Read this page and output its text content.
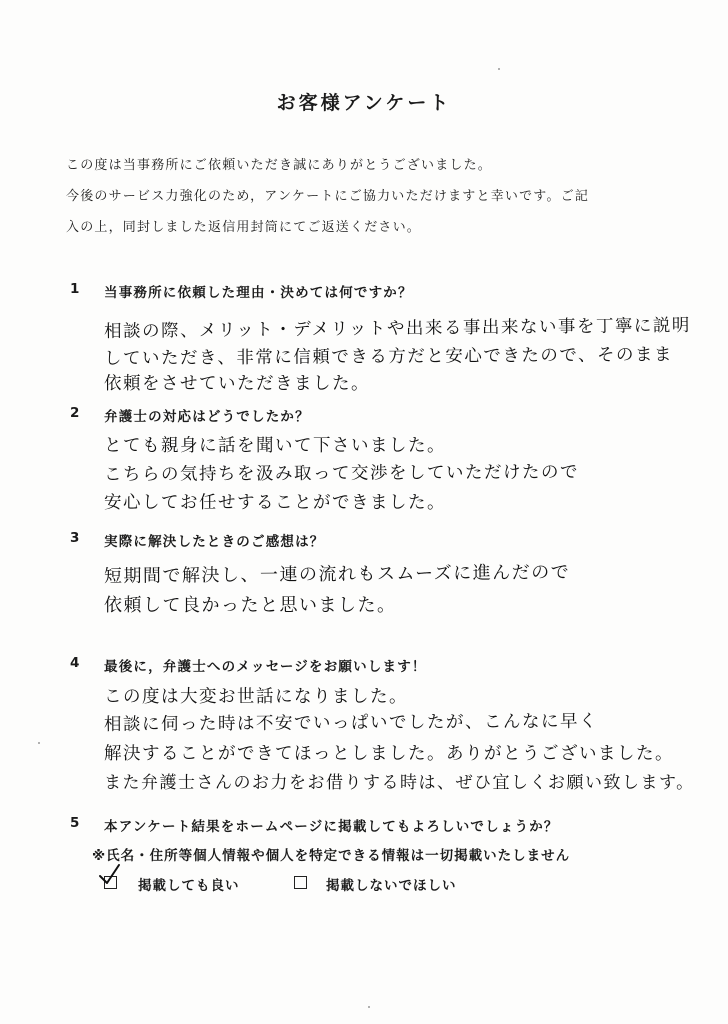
お客様アンケート
この度は当事務所にご依頼いただき誠にありがとうございました。
今後のサービス力強化のため，アンケートにご協力いただけますと幸いです。ご記
入の上，同封しました返信用封筒にてご返送ください。
1 当事務所に依頼した理由・決めては何ですか？
相談の際、メリット・デメリットや出来る事出来ない事を丁寧に説明
していただき、非常に信頼できる方だと安心できたので、そのまま
依頼をさせていただきました。
2 弁護士の対応はどうでしたか？
とても親身に話を聞いて下さいました。
こちらの気持ちを汲み取って交渉をしていただけたので
安心してお任せすることができました。
3 実際に解決したときのご感想は？
短期間で解決し、一連の流れもスムーズに進んだので
依頼して良かったと思いました。
4 最後に，弁護士へのメッセージをお願いします！
この度は大変お世話になりました。
相談に伺った時は不安でいっぱいでしたが、こんなに早く
解決することができてほっとしました。ありがとうございました。
また弁護士さんのお力をお借りする時は、ぜひ宜しくお願い致します。
5 本アンケート結果をホームページに掲載してもよろしいでしょうか？
※氏名・住所等個人情報や個人を特定できる情報は一切掲載いたしません
掲載しても良い	掲載しないでほしい
